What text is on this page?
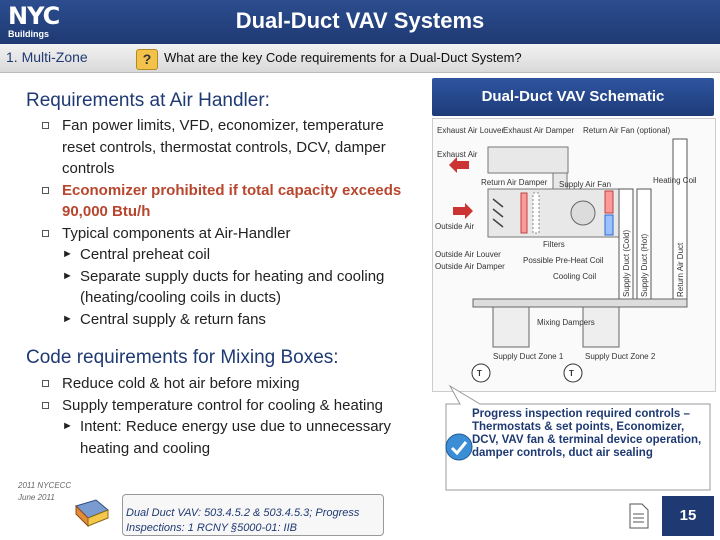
NYC
Buildings
Dual-Duct VAV Systems
1. Multi-Zone	? What are the key Code requirements for a Dual-Duct System?
Requirements at Air Handler:
Fan power limits, VFD, economizer, temperature reset controls, thermostat controls, DCV, damper controls
Economizer prohibited if total capacity exceeds 90,000 Btu/h
Typical components at Air-Handler
► Central preheat coil
► Separate supply ducts for heating and cooling (heating/cooling coils in ducts)
► Central supply & return fans
Code requirements for Mixing Boxes:
Reduce cold & hot air before mixing
Supply temperature control for cooling & heating
► Intent: Reduce energy use due to unnecessary heating and cooling
Dual-Duct VAV Schematic
T	T
Exhaust Air Louver
Exhaust Air Damper Return Air Fan (optional)
Exhaust Air
Return Air Damper Supply Air Fan	Heating Coil
Outside Air
Filters
Outside Air Louver
Outside Air Damper
Possible Pre-Heat Coil
Cooling Coil	Supply Duct (Cold) Supply Duct (Hot)	Return Air Duct
Mixing Dampers
Supply Duct Zone 1	Supply Duct Zone 2
Progress inspection required controls – Thermostats & set points, Economizer, DCV, VAV fan & terminal device operation, damper controls, duct air sealing
2011 NYCECC
June 2011
Dual Duct VAV: 503.4.5.2 & 503.4.5.3; Progress Inspections: 1 RCNY §5000-01: IIB
15
